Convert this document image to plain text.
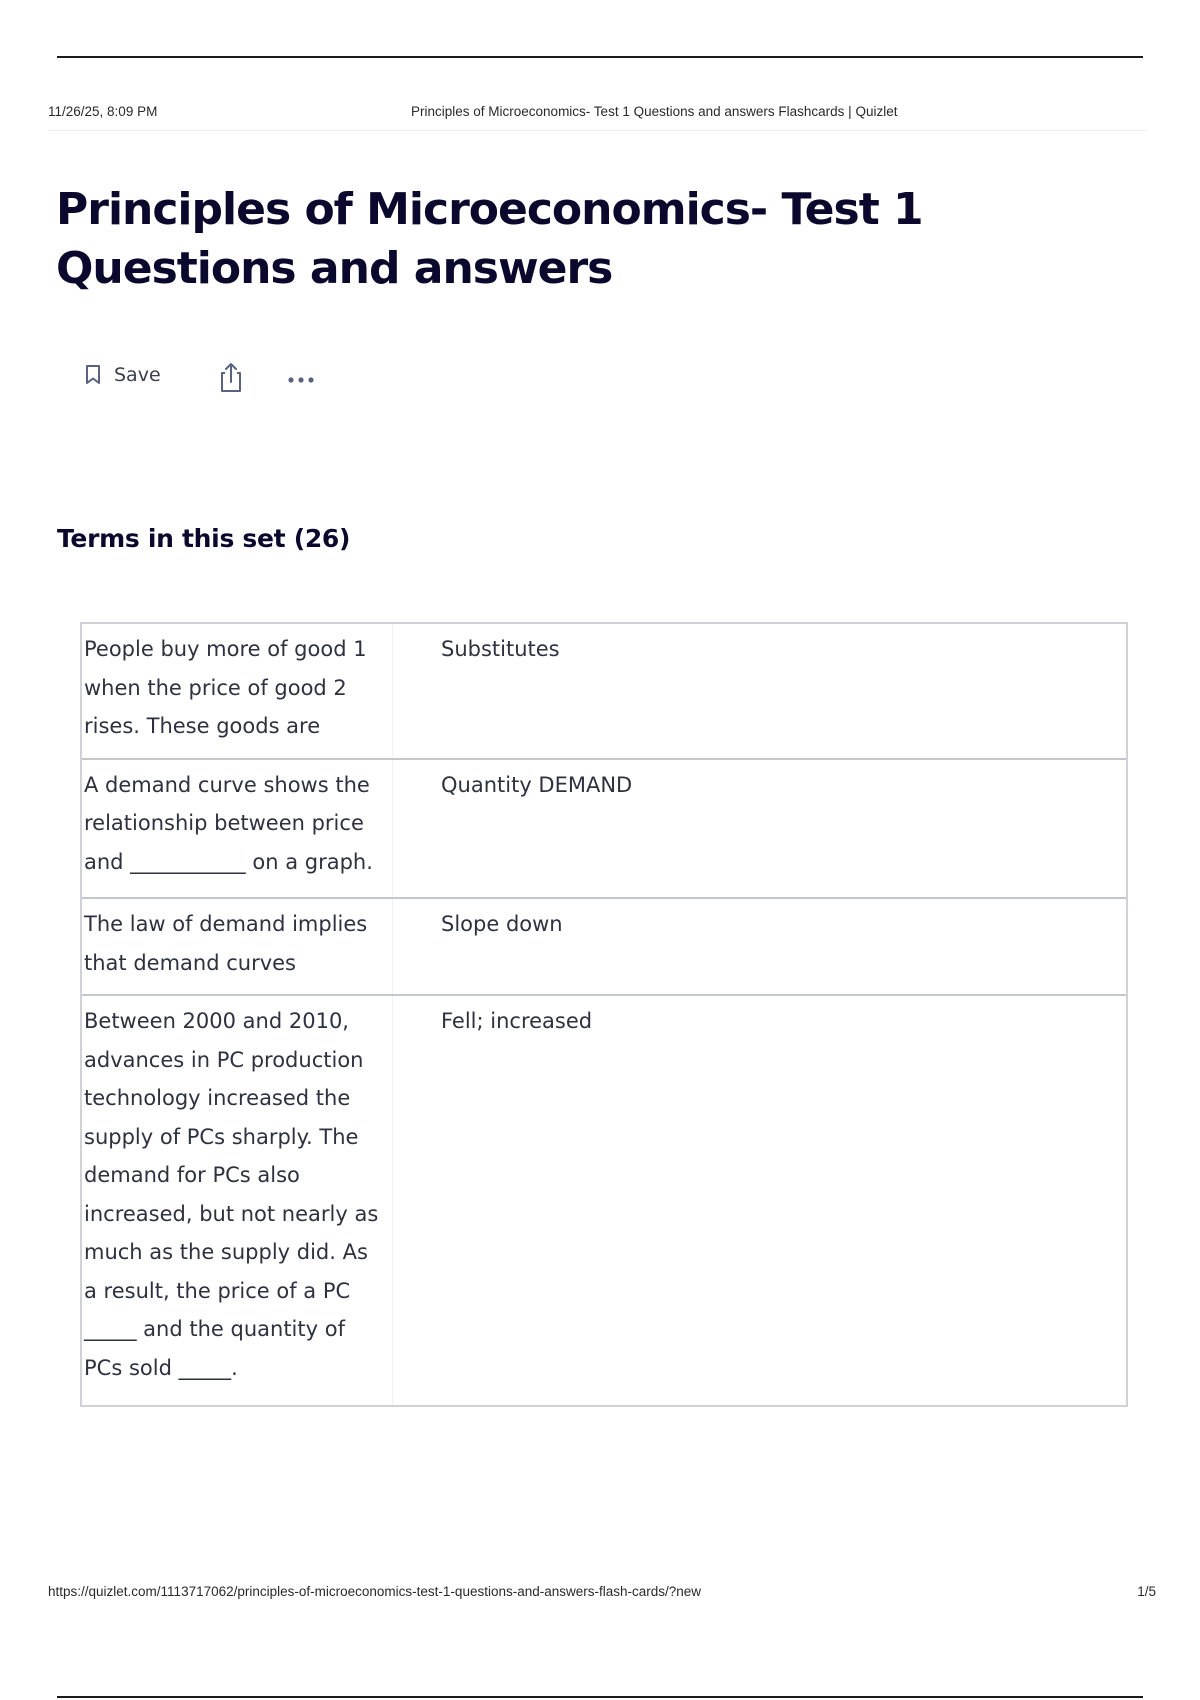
11/26/25, 8:09 PM	Principles of Microeconomics- Test 1 Questions and answers Flashcards | Quizlet
Principles of Microeconomics- Test 1 Questions and answers
Save
Terms in this set (26)
People buy more of good 1 when the price of good 2 rises. These goods are
Substitutes
A demand curve shows the relationship between price and ___________ on a graph.
Quantity DEMAND
The law of demand implies that demand curves
Slope down
Between 2000 and 2010, advances in PC production technology increased the supply of PCs sharply. The demand for PCs also increased, but not nearly as much as the supply did. As a result, the price of a PC _____ and the quantity of PCs sold _____.
Fell; increased
https://quizlet.com/1113717062/principles-of-microeconomics-test-1-questions-and-answers-flash-cards/?new	1/5
